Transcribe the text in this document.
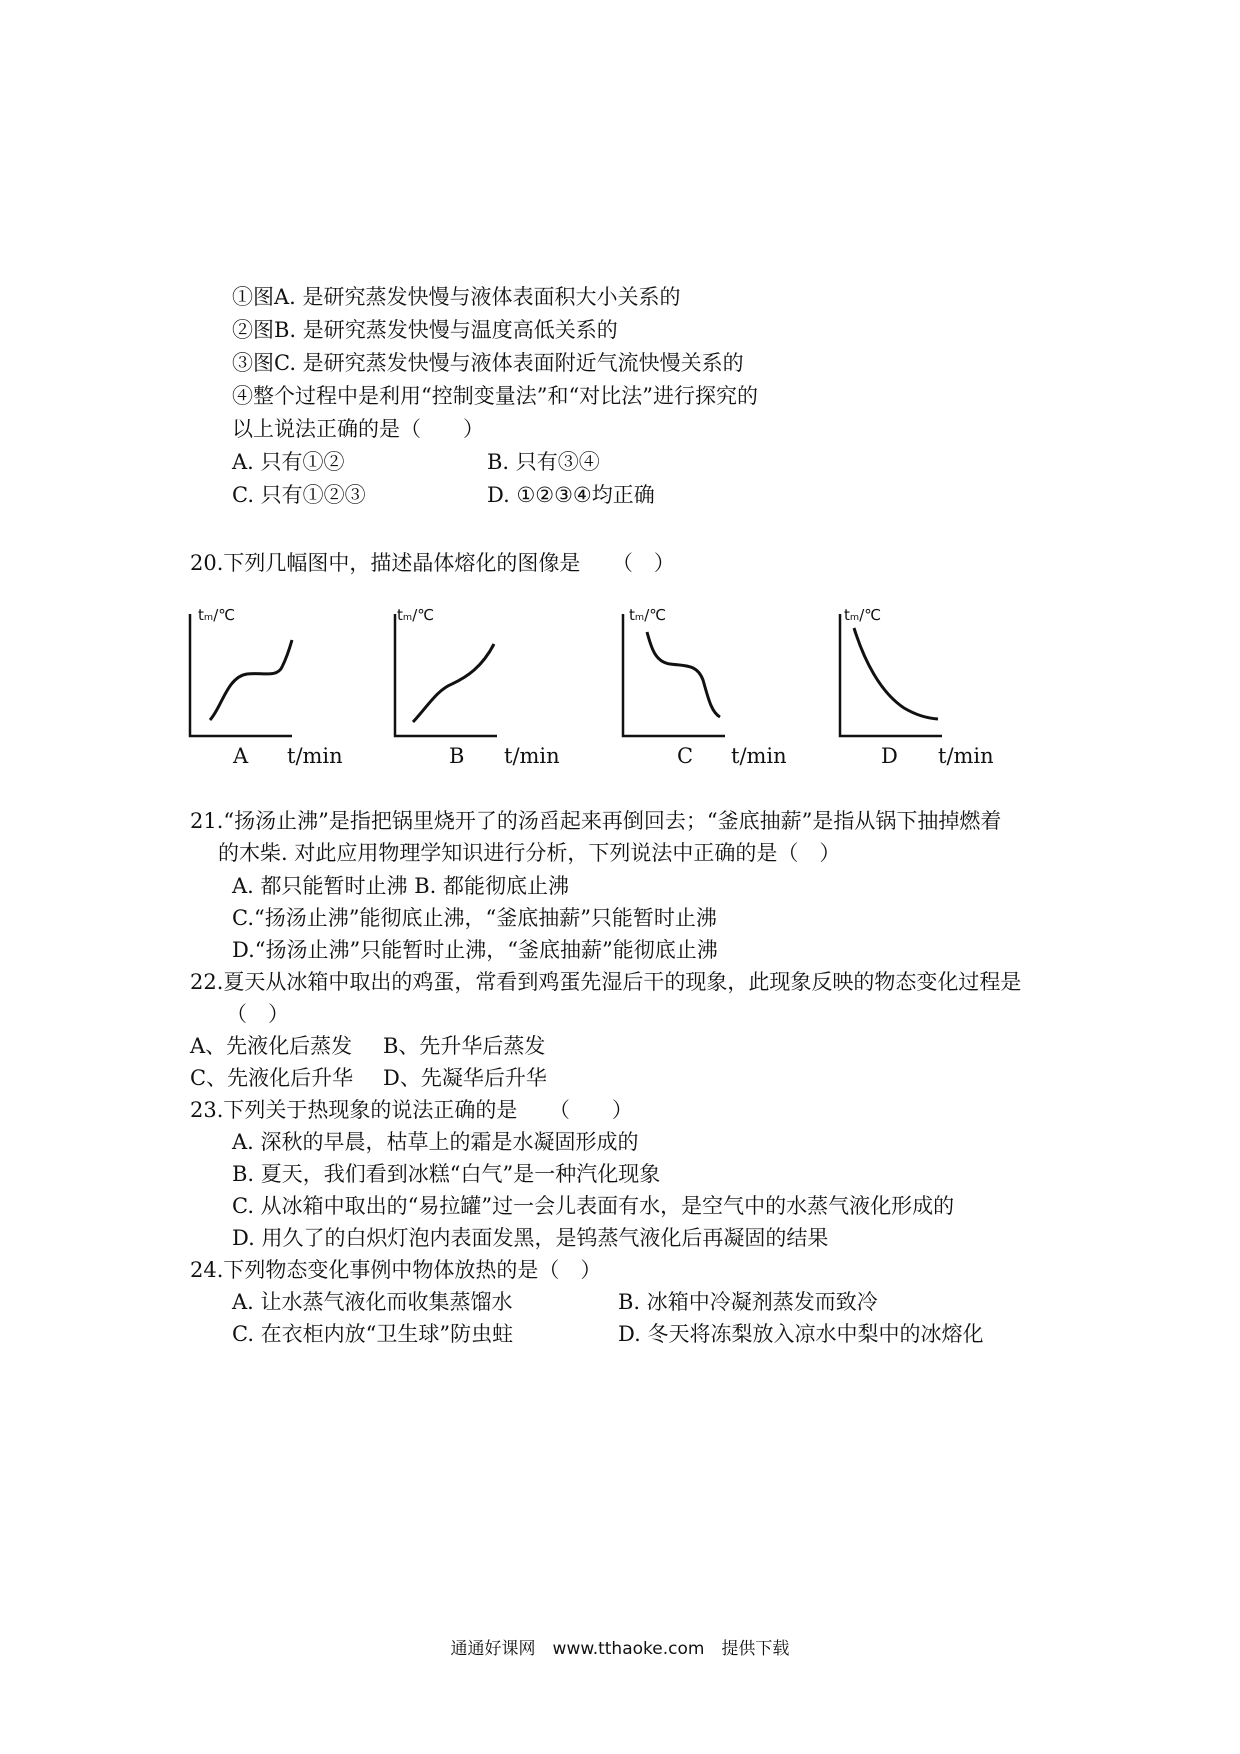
①图A. 是研究蒸发快慢与液体表面积大小关系的
②图B. 是研究蒸发快慢与温度高低关系的
③图C. 是研究蒸发快慢与液体表面附近气流快慢关系的
④整个过程中是利用“控制变量法”和“对比法”进行探究的
以上说法正确的是（　　）
A. 只有①②	B. 只有③④
C. 只有①②③	D. ①②③④均正确
20.下列几幅图中，描述晶体熔化的图像是　　（　）
tₘ/℃
A t/min
tₘ/℃
B t/min
tₘ/℃
C t/min
tₘ/℃
D t/min
21.“扬汤止沸”是指把锅里烧开了的汤舀起来再倒回去；“釜底抽薪”是指从锅下抽掉燃着
的木柴. 对此应用物理学知识进行分析，下列说法中正确的是（　）
A. 都只能暂时止沸 B. 都能彻底止沸
C.“扬汤止沸”能彻底止沸，“釜底抽薪”只能暂时止沸
D.“扬汤止沸”只能暂时止沸，“釜底抽薪”能彻底止沸
22.夏天从冰箱中取出的鸡蛋，常看到鸡蛋先湿后干的现象，此现象反映的物态变化过程是
（　）
A、先液化后蒸发 B、先升华后蒸发
C、先液化后升华 D、先凝华后升华
23.下列关于热现象的说法正确的是　　（　　）
A. 深秋的早晨，枯草上的霜是水凝固形成的
B. 夏天，我们看到冰糕“白气”是一种汽化现象
C. 从冰箱中取出的“易拉罐”过一会儿表面有水，是空气中的水蒸气液化形成的
D. 用久了的白炽灯泡内表面发黑，是钨蒸气液化后再凝固的结果
24.下列物态变化事例中物体放热的是（　）
A. 让水蒸气液化而收集蒸馏水	B. 冰箱中冷凝剂蒸发而致冷
C. 在衣柜内放“卫生球”防虫蛀	D. 冬天将冻梨放入凉水中梨中的冰熔化
通通好课网　www.tthaoke.com　提供下载
